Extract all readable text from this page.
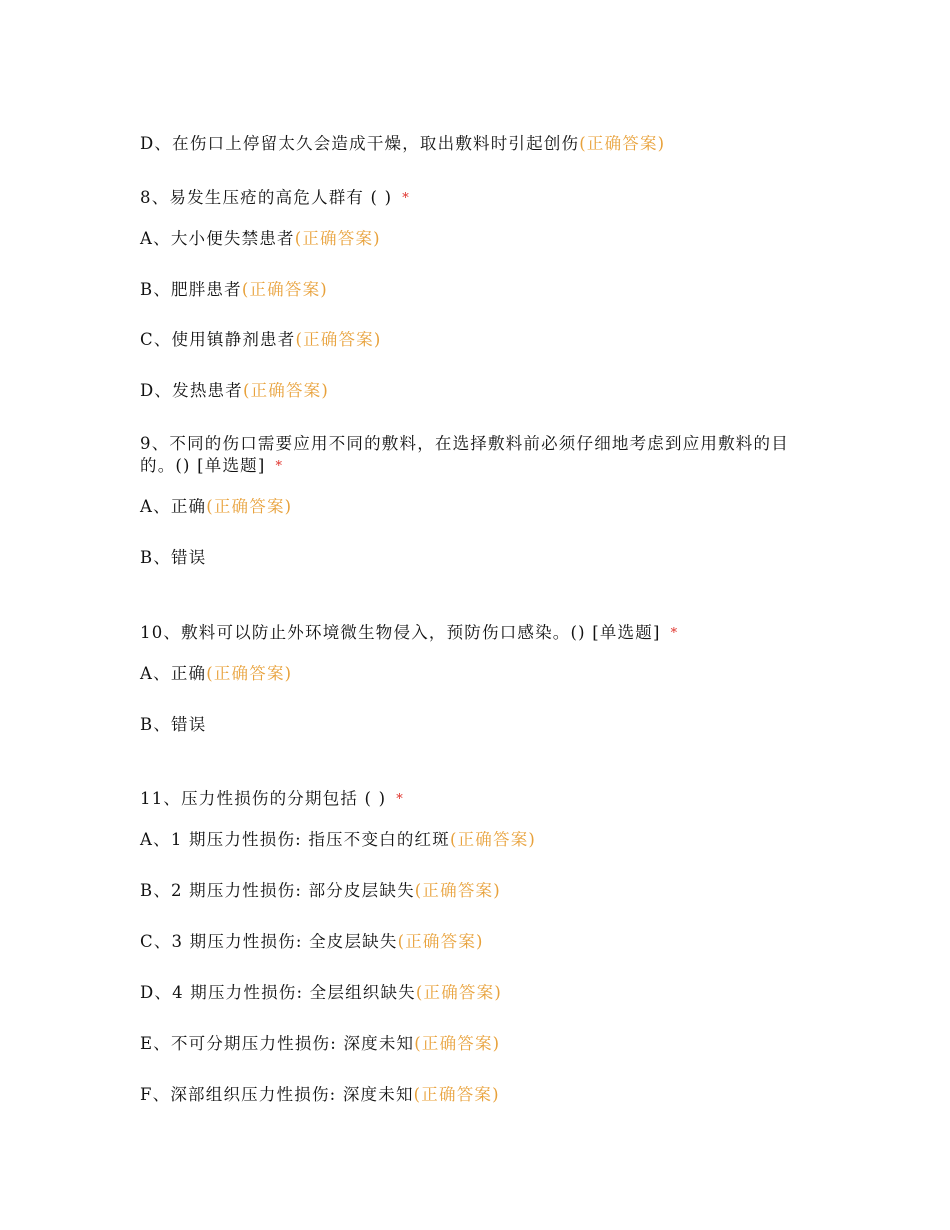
D、在伤口上停留太久会造成干燥，取出敷料时引起创伤(正确答案)
8、易发生压疮的高危人群有 ( ) *
A、大小便失禁患者(正确答案)
B、肥胖患者(正确答案)
C、使用镇静剂患者(正确答案)
D、发热患者(正确答案)
9、不同的伤口需要应用不同的敷料，在选择敷料前必须仔细地考虑到应用敷料的目的。() [单选题] *
A、正确(正确答案)
B、错误
10、敷料可以防止外环境微生物侵入，预防伤口感染。() [单选题] *
A、正确(正确答案)
B、错误
11、压力性损伤的分期包括 ( ) *
A、1 期压力性损伤: 指压不变白的红斑(正确答案)
B、2 期压力性损伤: 部分皮层缺失(正确答案)
C、3 期压力性损伤: 全皮层缺失(正确答案)
D、4 期压力性损伤: 全层组织缺失(正确答案)
E、不可分期压力性损伤: 深度未知(正确答案)
F、深部组织压力性损伤: 深度未知(正确答案)
